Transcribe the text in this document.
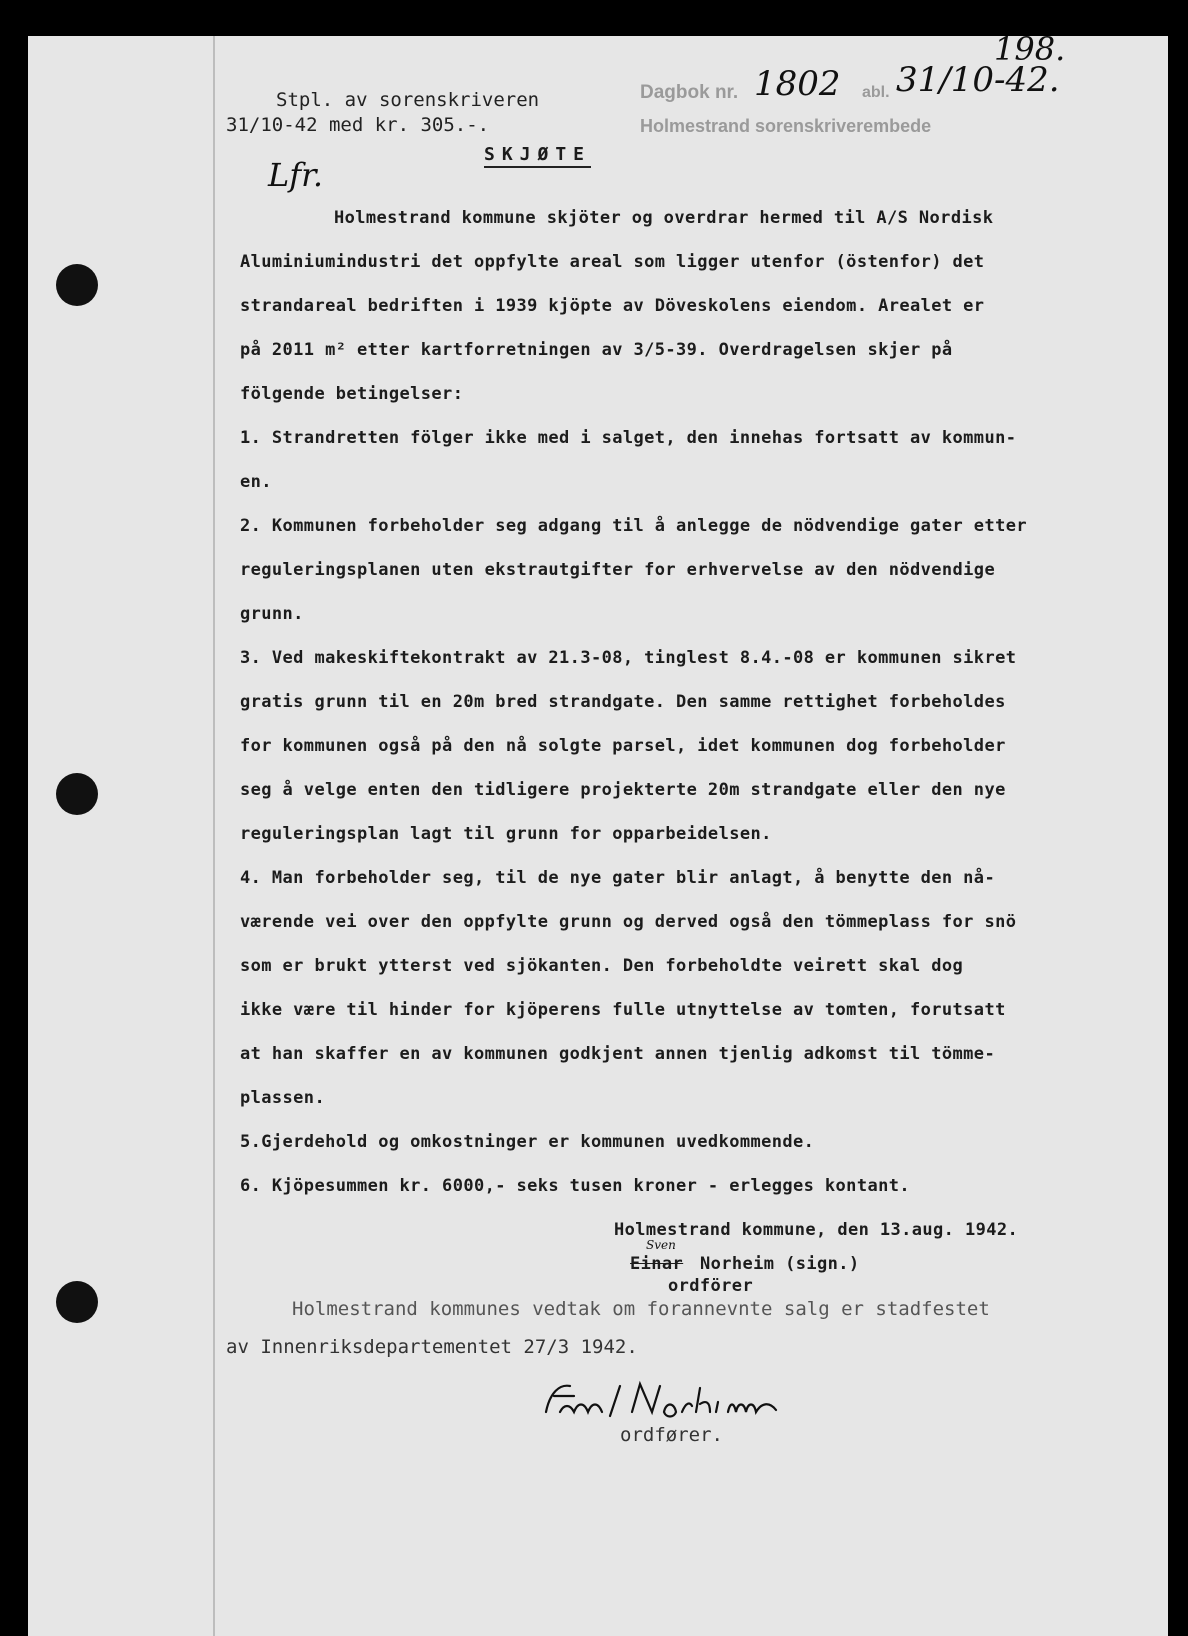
Stpl. av sorenskriveren
31/10-42 med kr. 305.-.
Dagbok nr. 1802 abl. 31/10-42.
Holmestrand sorenskriverembede
198.
Lfr.
SKJØTE
Holmestrand kommune skjöter og overdrar hermed til A/S Nordisk
Aluminiumindustri det oppfylte areal som ligger utenfor (östenfor) det
strandareal bedriften i 1939 kjöpte av Döveskolens eiendom. Arealet er
på 2011 m² etter kartforretningen av 3/5-39. Overdragelsen skjer på
fölgende betingelser:
1. Strandretten fölger ikke med i salget, den innehas fortsatt av kommun-
en.
2. Kommunen forbeholder seg adgang til å anlegge de nödvendige gater etter
reguleringsplanen uten ekstrautgifter for erhvervelse av den nödvendige
grunn.
3. Ved makeskiftekontrakt av 21.3-08, tinglest 8.4.-08 er kommunen sikret
gratis grunn til en 20m bred strandgate. Den samme rettighet forbeholdes
for kommunen også på den nå solgte parsel, idet kommunen dog forbeholder
seg å velge enten den tidligere projekterte 20m strandgate eller den nye
reguleringsplan lagt til grunn for opparbeidelsen.
4. Man forbeholder seg, til de nye gater blir anlagt, å benytte den nå-
værende vei over den oppfylte grunn og derved også den tömmeplass for snö
som er brukt ytterst ved sjökanten. Den forbeholdte veirett skal dog
ikke være til hinder for kjöperens fulle utnyttelse av tomten, forutsatt
at han skaffer en av kommunen godkjent annen tjenlig adkomst til tömme-
plassen.
5.Gjerdehold og omkostninger er kommunen uvedkommende.
6. Kjöpesummen kr. 6000,- seks tusen kroner - erlegges kontant.
Holmestrand kommune, den 13.aug. 1942.
Sven
Einar Norheim (sign.)
ordförer
Holmestrand kommunes vedtak om forannevnte salg er stadfestet
av Innenriksdepartementet 27/3 1942.
ordfører.
